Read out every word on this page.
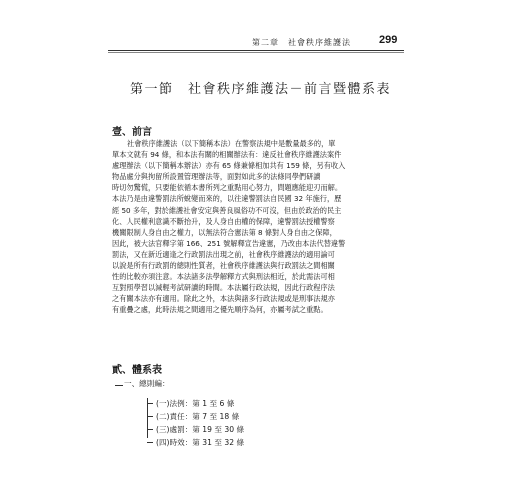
第二章　社會秩序維護法	299
第一節　社會秩序維護法－前言暨體系表
壹、前言
社會秩序維護法（以下簡稱本法）在警察法規中是數量最多的，單
單本文就有 94 條，和本法有關的相關辦法有：違反社會秩序維護法案件
處理辦法（以下簡稱本辦法）亦有 65 條兼條相加共有 159 條，另有收入
物品處分與拘留所設置管理辦法等，面對如此多的法條同學們研讀
時切勿驚慌，只要能依循本書所列之重點用心努力，問題應能迎刃而解。
本法乃是由違警罰法所蛻變而來的，以往違警罰法自民國 32 年施行，歷
經 50 多年，對於維護社會安定與善良風俗功不可沒，但由於政治的民主
化、人民權利意識不斷抬升，及人身自由權的保障，違警罰法授權警察
機關限制人身自由之權力，以無法符合憲法第 8 條對人身自由之保障，
因此，被大法官釋字第 166、251 號解釋宣告違憲，乃改由本法代替違警
罰法，又在新近適逢之行政罰法出現之前，社會秩序維護法的適用論可
以說是所有行政罰的總則性質者，社會秩序維護法與行政罰法之間相關
性的比較亦須注意。本法諸多法學解釋方式與刑法相近，於此需法可相
互對照學習以減輕考試研讀的時間。本法屬行政法規，因此行政程序法
之有關本法亦有適用。除此之外，本法與諸多行政法規或是刑事法規亦
有重疊之處，此時法規之間適用之優先順序為何，亦屬考試之重點。
貳、體系表
一、總則編：
(一)法例：第 1 至 6 條
(二)責任：第 7 至 18 條
(三)處罰：第 19 至 30 條
(四)時效：第 31 至 32 條
